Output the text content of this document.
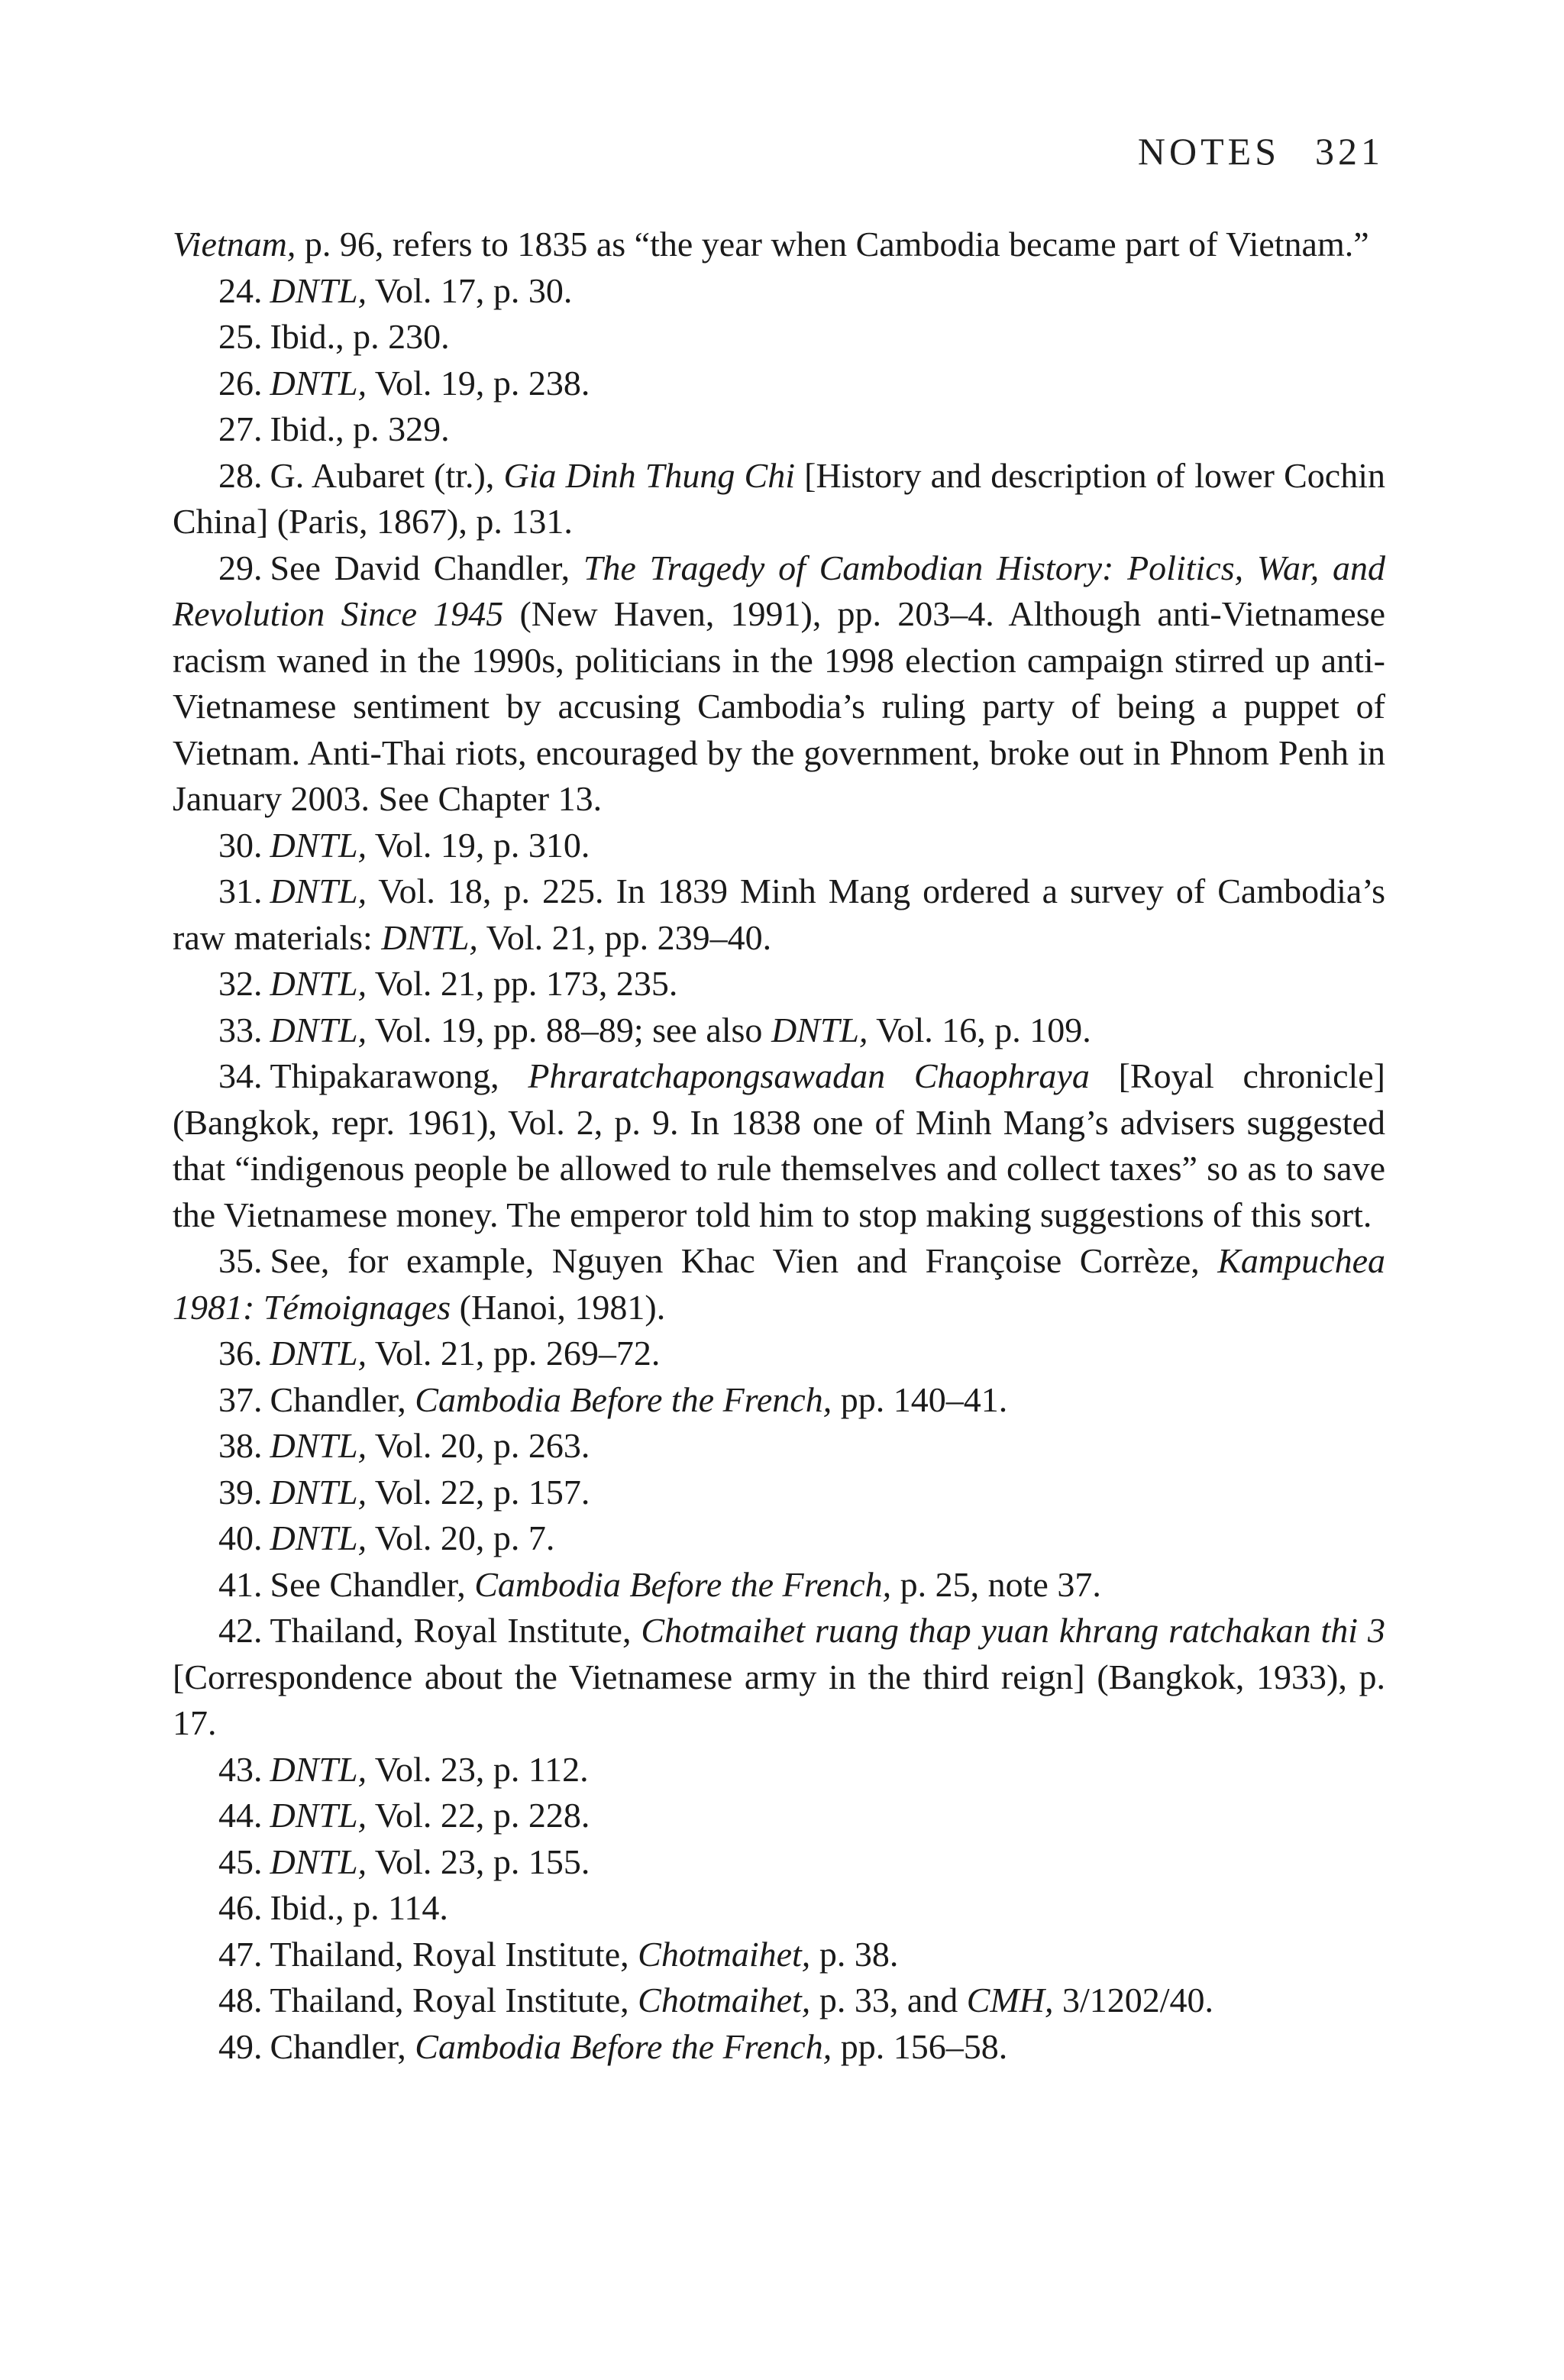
NOTES 321

Vietnam, p. 96, refers to 1835 as “the year when Cambodia became part of Vietnam.”

24. DNTL, Vol. 17, p. 30.

25. Ibid., p. 230.

26. DNTL, Vol. 19, p. 238.

27. Ibid., p. 329.

28. G. Aubaret (tr.), Gia Dinh Thung Chi [History and description of lower Cochin China] (Paris, 1867), p. 131.

29. See David Chandler, The Tragedy of Cambodian History: Politics, War, and Revolution Since 1945 (New Haven, 1991), pp. 203–4. Although anti-Vietnamese racism waned in the 1990s, politicians in the 1998 election campaign stirred up anti-Vietnamese sentiment by accusing Cambodia’s ruling party of being a puppet of Vietnam. Anti-Thai riots, encouraged by the government, broke out in Phnom Penh in January 2003. See Chapter 13.

30. DNTL, Vol. 19, p. 310.

31. DNTL, Vol. 18, p. 225. In 1839 Minh Mang ordered a survey of Cambodia’s raw materials: DNTL, Vol. 21, pp. 239–40.

32. DNTL, Vol. 21, pp. 173, 235.

33. DNTL, Vol. 19, pp. 88–89; see also DNTL, Vol. 16, p. 109.

34. Thipakarawong, Phraratchapongsawadan Chaophraya [Royal chronicle] (Bangkok, repr. 1961), Vol. 2, p. 9. In 1838 one of Minh Mang’s advisers suggested that “indigenous people be allowed to rule themselves and collect taxes” so as to save the Vietnamese money. The emperor told him to stop making suggestions of this sort.

35. See, for example, Nguyen Khac Vien and Françoise Corrèze, Kampuchea 1981: Témoignages (Hanoi, 1981).

36. DNTL, Vol. 21, pp. 269–72.

37. Chandler, Cambodia Before the French, pp. 140–41.

38. DNTL, Vol. 20, p. 263.

39. DNTL, Vol. 22, p. 157.

40. DNTL, Vol. 20, p. 7.

41. See Chandler, Cambodia Before the French, p. 25, note 37.

42. Thailand, Royal Institute, Chotmaihet ruang thap yuan khrang ratchakan thi 3 [Correspondence about the Vietnamese army in the third reign] (Bangkok, 1933), p. 17.

43. DNTL, Vol. 23, p. 112.

44. DNTL, Vol. 22, p. 228.

45. DNTL, Vol. 23, p. 155.

46. Ibid., p. 114.

47. Thailand, Royal Institute, Chotmaihet, p. 38.

48. Thailand, Royal Institute, Chotmaihet, p. 33, and CMH, 3/1202/40.

49. Chandler, Cambodia Before the French, pp. 156–58.
